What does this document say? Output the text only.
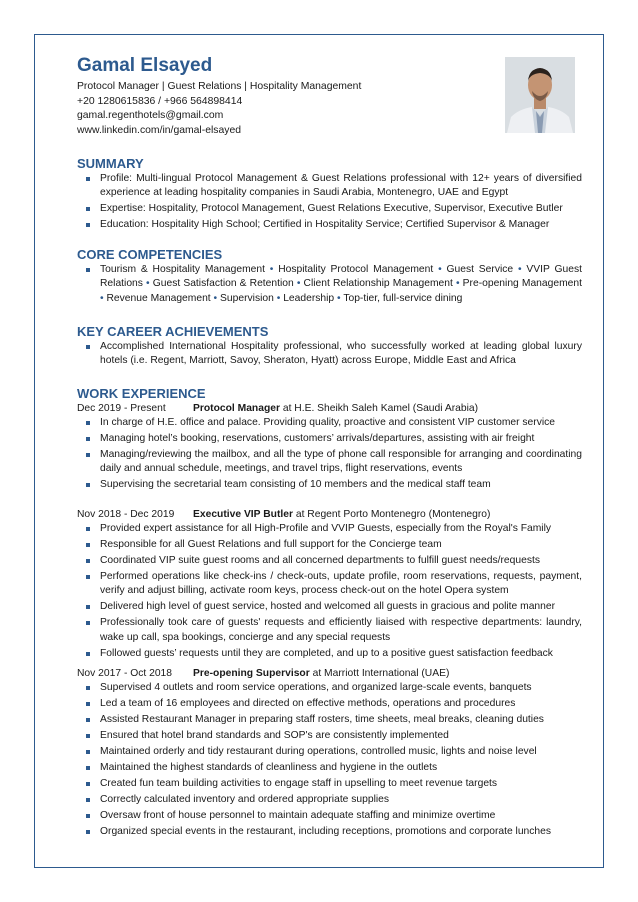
Gamal Elsayed
Protocol Manager | Guest Relations | Hospitality Management
+20 1280615836 / +966 564898414
gamal.regenthotels@gmail.com
www.linkedin.com/in/gamal-elsayed
SUMMARY
Profile: Multi-lingual Protocol Management & Guest Relations professional with 12+ years of diversified experience at leading hospitality companies in Saudi Arabia, Montenegro, UAE and Egypt
Expertise: Hospitality, Protocol Management, Guest Relations Executive, Supervisor, Executive Butler
Education: Hospitality High School; Certified in Hospitality Service; Certified Supervisor & Manager
CORE COMPETENCIES
Tourism & Hospitality Management • Hospitality Protocol Management • Guest Service • VVIP Guest Relations • Guest Satisfaction & Retention • Client Relationship Management • Pre-opening Management • Revenue Management • Supervision • Leadership • Top-tier, full-service dining
KEY CAREER ACHIEVEMENTS
Accomplished International Hospitality professional, who successfully worked at leading global luxury hotels (i.e. Regent, Marriott, Savoy, Sheraton, Hyatt) across Europe, Middle East and Africa
WORK EXPERIENCE
Dec 2019 - Present	Protocol Manager at H.E. Sheikh Saleh Kamel (Saudi Arabia)
In charge of H.E. office and palace. Providing quality, proactive and consistent VIP customer service
Managing hotel’s booking, reservations, customers’ arrivals/departures, assisting with air freight
Managing/reviewing the mailbox, and all the type of phone call responsible for arranging and coordinating daily and annual schedule, meetings, and travel trips, flight reservations, events
Supervising the secretarial team consisting of 10 members and the medical staff team
Nov 2018 - Dec 2019 Executive VIP Butler at Regent Porto Montenegro (Montenegro)
Provided expert assistance for all High-Profile and VVIP Guests, especially from the Royal's Family
Responsible for all Guest Relations and full support for the Concierge team
Coordinated VIP suite guest rooms and all concerned departments to fulfill guest needs/requests
Performed operations like check-ins / check-outs, update profile, room reservations, requests, payment, verify and adjust billing, activate room keys, process check-out on the hotel Opera system
Delivered high level of guest service, hosted and welcomed all guests in gracious and polite manner
Professionally took care of guests' requests and efficiently liaised with respective departments: laundry, wake up call, spa bookings, concierge and any special requests
Followed guests’ requests until they are completed, and up to a positive guest satisfaction feedback
Nov 2017 - Oct 2018 Pre-opening Supervisor at Marriott International (UAE)
Supervised 4 outlets and room service operations, and organized large-scale events, banquets
Led a team of 16 employees and directed on effective methods, operations and procedures
Assisted Restaurant Manager in preparing staff rosters, time sheets, meal breaks, cleaning duties
Ensured that hotel brand standards and SOP's are consistently implemented
Maintained orderly and tidy restaurant during operations, controlled music, lights and noise level
Maintained the highest standards of cleanliness and hygiene in the outlets
Created fun team building activities to engage staff in upselling to meet revenue targets
Correctly calculated inventory and ordered appropriate supplies
Oversaw front of house personnel to maintain adequate staffing and minimize overtime
Organized special events in the restaurant, including receptions, promotions and corporate lunches
